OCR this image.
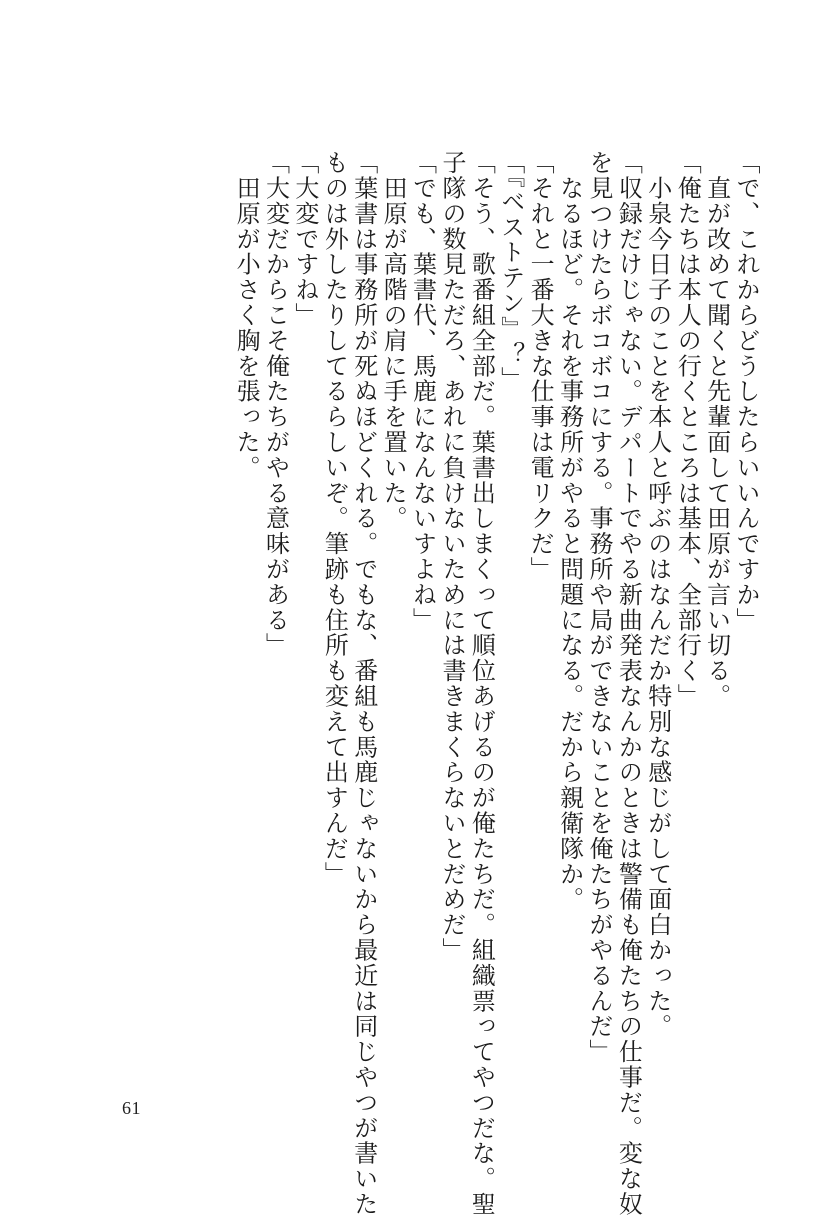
「で、これからどうしたらいいんですか」
　直が改めて聞くと先輩面して田原が言い切る。
「俺たちは本人の行くところは基本、全部行く」
　小泉今日子のことを本人と呼ぶのはなんだか特別な感じがして面白かった。
「収録だけじゃない。デパートでやる新曲発表なんかのときは警備も俺たちの仕事だ。変な奴
を見つけたらボコボコにする。事務所や局ができないことを俺たちがやるんだ」
　なるほど。それを事務所がやると問題になる。だから親衛隊か。
「それと一番大きな仕事は電リクだ」
「『ベストテン』？」
「そう、歌番組全部だ。葉書出しまくって順位あげるのが俺たちだ。組織票ってやつだな。聖
子隊の数見ただろ、あれに負けないためには書きまくらないとだめだ」
「でも、葉書代、馬鹿になんないすよね」
　田原が高階の肩に手を置いた。
「葉書は事務所が死ぬほどくれる。でもな、番組も馬鹿じゃないから最近は同じやつが書いた
ものは外したりしてるらしいぞ。筆跡も住所も変えて出すんだ」
「大変ですね」
「大変だからこそ俺たちがやる意味がある」
　田原が小さく胸を張った。
61
